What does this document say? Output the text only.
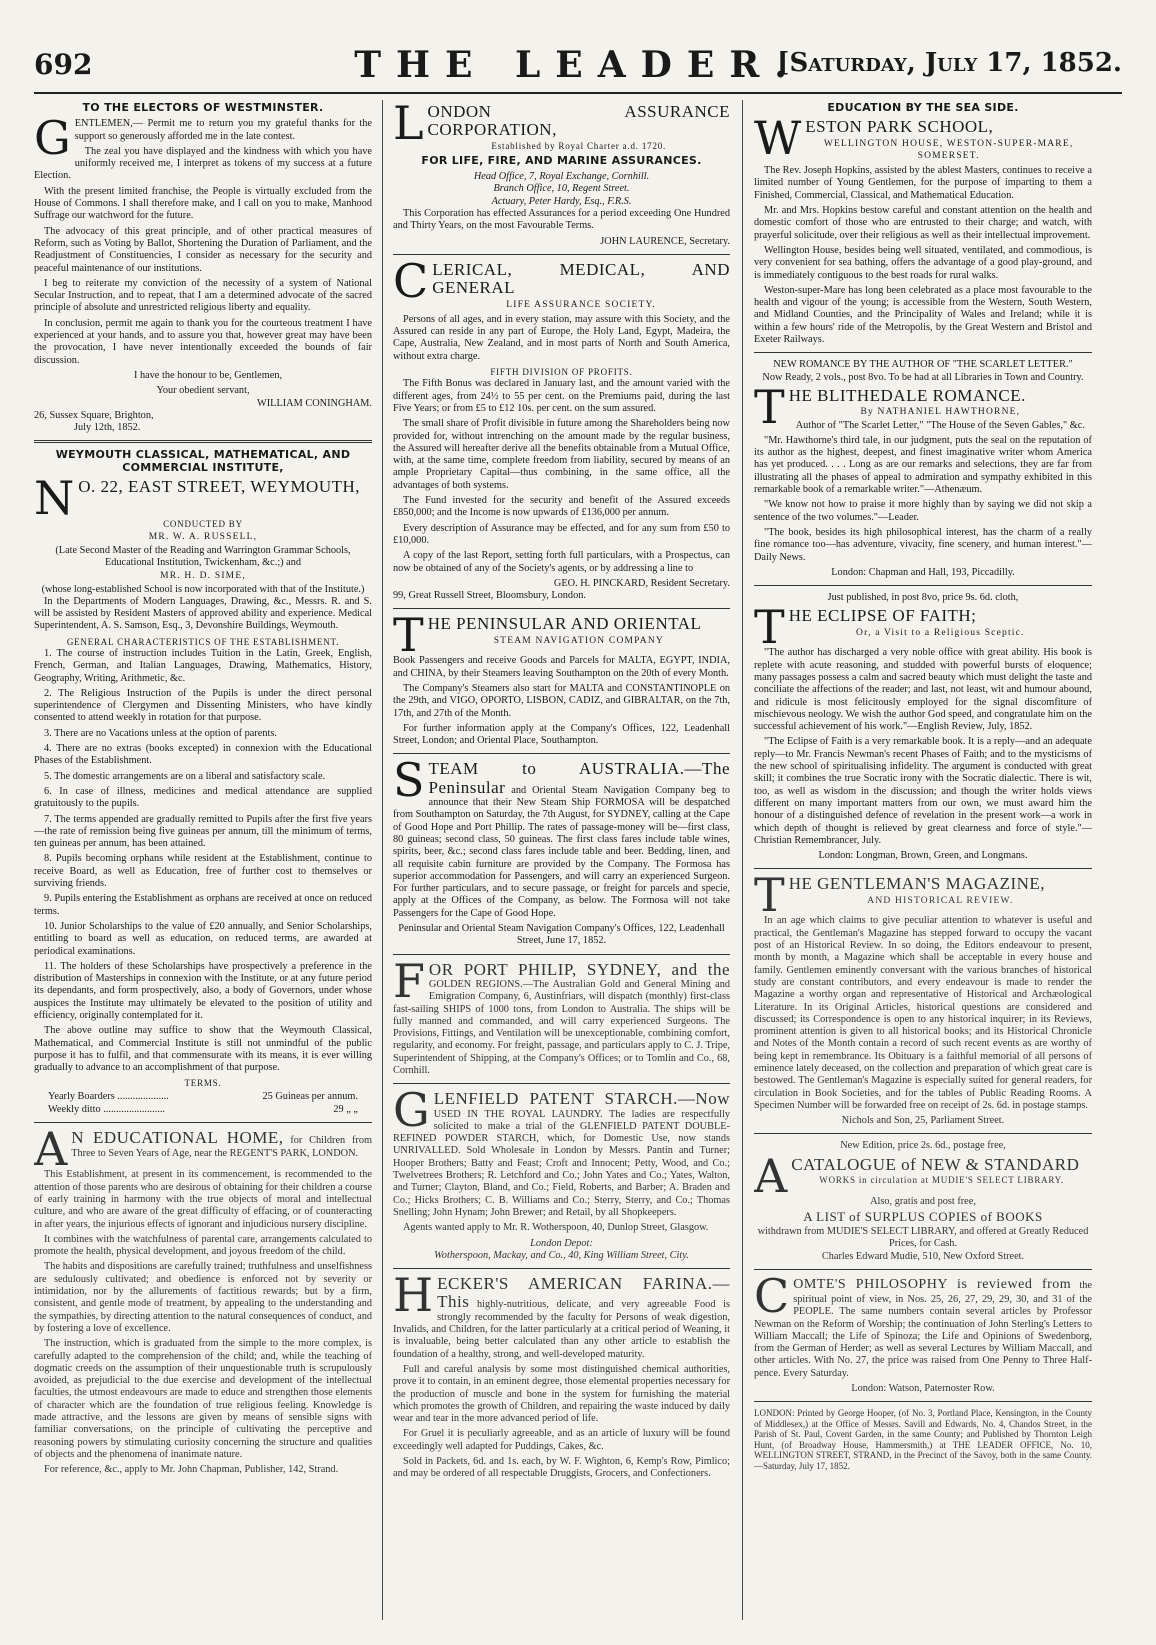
692	THE LEADER.
[Saturday, July 17, 1852.
TO THE ELECTORS OF WESTMINSTER.
G ENTLEMEN,— Permit me to return you my grateful thanks for the support so generously afforded me in the late contest.

The zeal you have displayed and the kindness with which you have uniformly received me, I interpret as tokens of my success at a future Election.

With the present limited franchise, the People is virtually excluded from the House of Commons. I shall therefore make, and I call on you to make, Manhood Suffrage our watchword for the future.

The advocacy of this great principle, and of other practical measures of Reform, such as Voting by Ballot, Shortening the Duration of Parliament, and the Readjustment of Constituencies, I consider as necessary for the security and peaceful maintenance of our institutions.

I beg to reiterate my conviction of the necessity of a system of National Secular Instruction, and to repeat, that I am a determined advocate of the sacred principle of absolute and unrestricted religious liberty and equality.

In conclusion, permit me again to thank you for the courteous treatment I have experienced at your hands, and to assure you that, however great may have been the provocation, I have never intentionally exceeded the bounds of fair discussion.

I have the honour to be, Gentlemen,

Your obedient servant,
WILLIAM CONINGHAM.
26, Sussex Square, Brighton,
July 12th, 1852.
WEYMOUTH CLASSICAL, MATHEMATICAL, AND COMMERCIAL INSTITUTE,
N O. 22, EAST STREET, WEYMOUTH,
CONDUCTED BY
MR. W. A. RUSSELL,
(Late Second Master of the Reading and Warrington Grammar Schools, Educational Institution, Twickenham, &c.;) and
MR. H. D. SIME,
(whose long-established School is now incorporated with that of the Institute.)

In the Departments of Modern Languages, Drawing, &c., Messrs. R. and S. will be assisted by Resident Masters of approved ability and experience. Medical Superintendent, A. S. Samson, Esq., 3, Devonshire Buildings, Weymouth.

GENERAL CHARACTERISTICS OF THE ESTABLISHMENT.
1. The course of instruction includes Tuition in the Latin, Greek, English, French, German, and Italian Languages, Drawing, Mathematics, History, Geography, Writing, Arithmetic, &c.
2. The Religious Instruction of the Pupils is under the direct personal superintendence of Clergymen and Dissenting Ministers, who have kindly consented to attend weekly in rotation for that purpose.
3. There are no Vacations unless at the option of parents.
4. There are no extras (books excepted) in connexion with the Educational Phases of the Establishment.
5. The domestic arrangements are on a liberal and satisfactory scale.
6. In case of illness, medicines and medical attendance are supplied gratuitously to the pupils.
7. The terms appended are gradually remitted to Pupils after the first five years—the rate of remission being five guineas per annum, till the minimum of terms, ten guineas per annum, has been attained.
8. Pupils becoming orphans while resident at the Establishment, continue to receive Board, as well as Education, free of further cost to themselves or surviving friends.
9. Pupils entering the Establishment as orphans are received at once on reduced terms.
10. Junior Scholarships to the value of £20 annually, and Senior Scholarships, entitling to board as well as education, on reduced terms, are awarded at periodical examinations.
11. The holders of these Scholarships have prospectively a preference in the distribution of Masterships in connexion with the Institute, or at any future period its dependants, and form prospectively, also, a body of Governors, under whose auspices the Institute may ultimately be elevated to the position of utility and efficiency, originally contemplated for it.

The above outline may suffice to show that the Weymouth Classical, Mathematical, and Commercial Institute is still not unmindful of the public purpose it has to fulfil, and that commensurate with its means, it is ever willing gradually to advance to an accomplishment of that purpose.

TERMS.
Yearly Boarders ....................	25 Guineas per annum.
Weekly ditto ........................	29 „ „
A N EDUCATIONAL HOME, for Children from Three to Seven Years of Age, near the REGENT'S PARK, LONDON.

This Establishment, at present in its commencement, is recommended to the attention of those parents who are desirous of obtaining for their children a course of early training in harmony with the true objects of moral and intellectual culture, and who are aware of the great difficulty of effacing, or of counteracting in after years, the injurious effects of ignorant and injudicious nursery discipline.

It combines with the watchfulness of parental care, arrangements calculated to promote the health, physical development, and joyous freedom of the child.

The habits and dispositions are carefully trained; truthfulness and unselfishness are sedulously cultivated; and obedience is enforced not by severity or intimidation, nor by the allurements of factitious rewards; but by a firm, consistent, and gentle mode of treatment, by appealing to the understanding and the sympathies, by directing attention to the natural consequences of conduct, and by fostering a love of excellence.

The instruction, which is graduated from the simple to the more complex, is carefully adapted to the comprehension of the child; and, while the teaching of dogmatic creeds on the assumption of their unquestionable truth is scrupulously avoided, as prejudicial to the due exercise and development of the intellectual faculties, the utmost endeavours are made to educe and strengthen those elements of character which are the foundation of true religious feeling. Knowledge is made attractive, and the lessons are given by means of sensible signs with familiar conversations, on the principle of cultivating the perceptive and reasoning powers by stimulating curiosity concerning the structure and qualities of objects and the phenomena of inanimate nature.

For reference, &c., apply to Mr. John Chapman, Publisher, 142, Strand.

L ONDON ASSURANCE CORPORATION,
Established by Royal Charter a.d. 1720.
FOR LIFE, FIRE, AND MARINE ASSURANCES.
Head Office, 7, Royal Exchange, Cornhill.
Branch Office, 10, Regent Street.
Actuary, Peter Hardy, Esq., F.R.S.

This Corporation has effected Assurances for a period exceeding One Hundred and Thirty Years, on the most Favourable Terms.

JOHN LAURENCE, Secretary.
C LERICAL, MEDICAL, AND GENERAL
LIFE ASSURANCE SOCIETY.

Persons of all ages, and in every station, may assure with this Society, and the Assured can reside in any part of Europe, the Holy Land, Egypt, Madeira, the Cape, Australia, New Zealand, and in most parts of North and South America, without extra charge.

FIFTH DIVISION OF PROFITS.

The Fifth Bonus was declared in January last, and the amount varied with the different ages, from 24½ to 55 per cent. on the Premiums paid, during the last Five Years; or from £5 to £12 10s. per cent. on the sum assured.

The small share of Profit divisible in future among the Shareholders being now provided for, without intrenching on the amount made by the regular business, the Assured will hereafter derive all the benefits obtainable from a Mutual Office, with, at the same time, complete freedom from liability, secured by means of an ample Proprietary Capital—thus combining, in the same office, all the advantages of both systems.

The Fund invested for the security and benefit of the Assured exceeds £850,000; and the Income is now upwards of £136,000 per annum.

Every description of Assurance may be effected, and for any sum from £50 to £10,000.

A copy of the last Report, setting forth full particulars, with a Prospectus, can now be obtained of any of the Society's agents, or by addressing a line to

GEO. H. PINCKARD, Resident Secretary.
99, Great Russell Street, Bloomsbury, London.
T HE PENINSULAR AND ORIENTAL
STEAM NAVIGATION COMPANY

Book Passengers and receive Goods and Parcels for MALTA, EGYPT, INDIA, and CHINA, by their Steamers leaving Southampton on the 20th of every Month.

The Company's Steamers also start for MALTA and CONSTANTINOPLE on the 29th, and VIGO, OPORTO, LISBON, CADIZ, and GIBRALTAR, on the 7th, 17th, and 27th of the Month.

For further information apply at the Company's Offices, 122, Leadenhall Street, London; and Oriental Place, Southampton.

S TEAM to AUSTRALIA.—The Peninsular and Oriental Steam Navigation Company beg to announce that their New Steam Ship FORMOSA will be despatched from Southampton on Saturday, the 7th August, for SYDNEY, calling at the Cape of Good Hope and Port Phillip. The rates of passage-money will be—first class, 80 guineas; second class, 50 guineas. The first class fares include table wines, spirits, beer, &c.; second class fares include table and beer. Bedding, linen, and all requisite cabin furniture are provided by the Company. The Formosa has superior accommodation for Passengers, and will carry an experienced Surgeon. For further particulars, and to secure passage, or freight for parcels and specie, apply at the Offices of the Company, as below. The Formosa will not take Passengers for the Cape of Good Hope.
Peninsular and Oriental Steam Navigation Company's Offices, 122, Leadenhall Street, June 17, 1852.
F OR PORT PHILIP, SYDNEY, and the GOLDEN REGIONS.—The Australian Gold and General Mining and Emigration Company, 6, Austinfriars, will dispatch (monthly) first-class fast-sailing SHIPS of 1000 tons, from London to Australia. The ships will be fully manned and commanded, and will carry experienced Surgeons. The Provisions, Fittings, and Ventilation will be unexceptionable, combining comfort, regularity, and economy. For freight, passage, and particulars apply to C. J. Tripe, Superintendent of Shipping, at the Company's Offices; or to Tomlin and Co., 68, Cornhill.
G LENFIELD PATENT STARCH.—Now USED IN THE ROYAL LAUNDRY. The ladies are respectfully solicited to make a trial of the GLENFIELD PATENT DOUBLE-REFINED POWDER STARCH, which, for Domestic Use, now stands UNRIVALLED. Sold Wholesale in London by Messrs. Pantin and Turner; Hooper Brothers; Batty and Feast; Croft and Innocent; Petty, Wood, and Co.; Twelvetrees Brothers; R. Letchford and Co.; John Yates and Co.; Yates, Walton, and Turner; Clayton, Bland, and Co.; Field, Roberts, and Barber; A. Braden and Co.; Hicks Brothers; C. B. Williams and Co.; Sterry, Sterry, and Co.; Thomas Snelling; John Hynam; John Brewer; and Retail, by all Shopkeepers.

Agents wanted apply to Mr. R. Wotherspoon, 40, Dunlop Street, Glasgow.

London Depot:
Wotherspoon, Mackay, and Co., 40, King William Street, City.
H ECKER'S AMERICAN FARINA.—This highly-nutritious, delicate, and very agreeable Food is strongly recommended by the faculty for Persons of weak digestion, Invalids, and Children, for the latter particularly at a critical period of Weaning, it is invaluable, being better calculated than any other article to establish the foundation of a healthy, strong, and well-developed maturity.

Full and careful analysis by some most distinguished chemical authorities, prove it to contain, in an eminent degree, those elemental properties necessary for the production of muscle and bone in the system for furnishing the material which promotes the growth of Children, and repairing the waste induced by daily wear and tear in the more advanced period of life.

For Gruel it is peculiarly agreeable, and as an article of luxury will be found exceedingly well adapted for Puddings, Cakes, &c.

Sold in Packets, 6d. and 1s. each, by W. F. Wighton, 6, Kemp's Row, Pimlico; and may be ordered of all respectable Druggists, Grocers, and Confectioners.

EDUCATION BY THE SEA SIDE.
W ESTON PARK SCHOOL,
WELLINGTON HOUSE, WESTON-SUPER-MARE, SOMERSET.

The Rev. Joseph Hopkins, assisted by the ablest Masters, continues to receive a limited number of Young Gentlemen, for the purpose of imparting to them a Finished, Commercial, Classical, and Mathematical Education.

Mr. and Mrs. Hopkins bestow careful and constant attention on the health and domestic comfort of those who are entrusted to their charge; and watch, with prayerful solicitude, over their religious as well as their intellectual improvement.

Wellington House, besides being well situated, ventilated, and commodious, is very convenient for sea bathing, offers the advantage of a good play-ground, and is immediately contiguous to the best roads for rural walks.

Weston-super-Mare has long been celebrated as a place most favourable to the health and vigour of the young; is accessible from the Western, South Western, and Midland Counties, and the Principality of Wales and Ireland; while it is within a few hours' ride of the Metropolis, by the Great Western and Bristol and Exeter Railways.

NEW ROMANCE BY THE AUTHOR OF "THE SCARLET LETTER."
Now Ready, 2 vols., post 8vo. To be had at all Libraries in Town and Country.
T HE BLITHEDALE ROMANCE.
By NATHANIEL HAWTHORNE,
Author of "The Scarlet Letter," "The House of the Seven Gables," &c.

"Mr. Hawthorne's third tale, in our judgment, puts the seal on the reputation of its author as the highest, deepest, and finest imaginative writer whom America has yet produced. . . . Long as are our remarks and selections, they are far from illustrating all the phases of appeal to admiration and sympathy exhibited in this remarkable book of a remarkable writer."—Athenæum.

"We know not how to praise it more highly than by saying we did not skip a sentence of the two volumes."—Leader.

"The book, besides its high philosophical interest, has the charm of a really fine romance too—has adventure, vivacity, fine scenery, and human interest."—Daily News.

London: Chapman and Hall, 193, Piccadilly.
Just published, in post 8vo, price 9s. 6d. cloth,
T HE ECLIPSE OF FAITH;
Or, a Visit to a Religious Sceptic.

"The author has discharged a very noble office with great ability. His book is replete with acute reasoning, and studded with powerful bursts of eloquence; many passages possess a calm and sacred beauty which must delight the taste and conciliate the affections of the reader; and last, not least, wit and humour abound, and ridicule is most felicitously employed for the signal discomfiture of mischievous neology. We wish the author God speed, and congratulate him on the successful achievement of his work."—English Review, July, 1852.

"The Eclipse of Faith is a very remarkable book. It is a reply—and an adequate reply—to Mr. Francis Newman's recent Phases of Faith; and to the mysticisms of the new school of spiritualising infidelity. The argument is conducted with great skill; it combines the true Socratic irony with the Socratic dialectic. There is wit, too, as well as wisdom in the discussion; and though the writer holds views different on many important matters from our own, we must award him the honour of a distinguished defence of revelation in the present work—a work in which depth of thought is relieved by great clearness and force of style."—Christian Remembrancer, July.

London: Longman, Brown, Green, and Longmans.
T HE GENTLEMAN'S MAGAZINE,
AND HISTORICAL REVIEW.

In an age which claims to give peculiar attention to whatever is useful and practical, the Gentleman's Magazine has stepped forward to occupy the vacant post of an Historical Review. In so doing, the Editors endeavour to present, month by month, a Magazine which shall be acceptable in every house and family. Gentlemen eminently conversant with the various branches of historical study are constant contributors, and every endeavour is made to render the Magazine a worthy organ and representative of Historical and Archæological Literature. In its Original Articles, historical questions are considered and discussed; its Correspondence is open to any historical inquirer; in its Reviews, prominent attention is given to all historical books; and its Historical Chronicle and Notes of the Month contain a record of such recent events as are worthy of being kept in remembrance. Its Obituary is a faithful memorial of all persons of eminence lately deceased, on the collection and preparation of which great care is bestowed. The Gentleman's Magazine is especially suited for general readers, for circulation in Book Societies, and for the tables of Public Reading Rooms. A Specimen Number will be forwarded free on receipt of 2s. 6d. in postage stamps.

Nichols and Son, 25, Parliament Street.
New Edition, price 2s. 6d., postage free,
A CATALOGUE of NEW & STANDARD
WORKS in circulation at MUDIE'S SELECT LIBRARY.
Also, gratis and post free,
A LIST of SURPLUS COPIES of BOOKS
withdrawn from MUDIE'S SELECT LIBRARY, and offered at Greatly Reduced Prices, for Cash.
Charles Edward Mudie, 510, New Oxford Street.
C OMTE'S PHILOSOPHY is reviewed from the spiritual point of view, in Nos. 25, 26, 27, 29, 29, 30, and 31 of the PEOPLE. The same numbers contain several articles by Professor Newman on the Reform of Worship; the continuation of John Sterling's Letters to William Maccall; the Life of Spinoza; the Life and Opinions of Swedenborg, from the German of Herder; as well as several Lectures by William Maccall, and other articles. With No. 27, the price was raised from One Penny to Three Half-pence. Every Saturday.
London: Watson, Paternoster Row.
LONDON: Printed by George Hooper, (of No. 3, Portland Place, Kensington, in the County of Middlesex,) at the Office of Messrs. Savill and Edwards, No. 4, Chandos Street, in the Parish of St. Paul, Covent Garden, in the same County; and Published by Thornton Leigh Hunt, (of Broadway House, Hammersmith,) at THE LEADER OFFICE, No. 10, WELLINGTON STREET, STRAND, in the Precinct of the Savoy, both in the same County.—Saturday, July 17, 1852.
